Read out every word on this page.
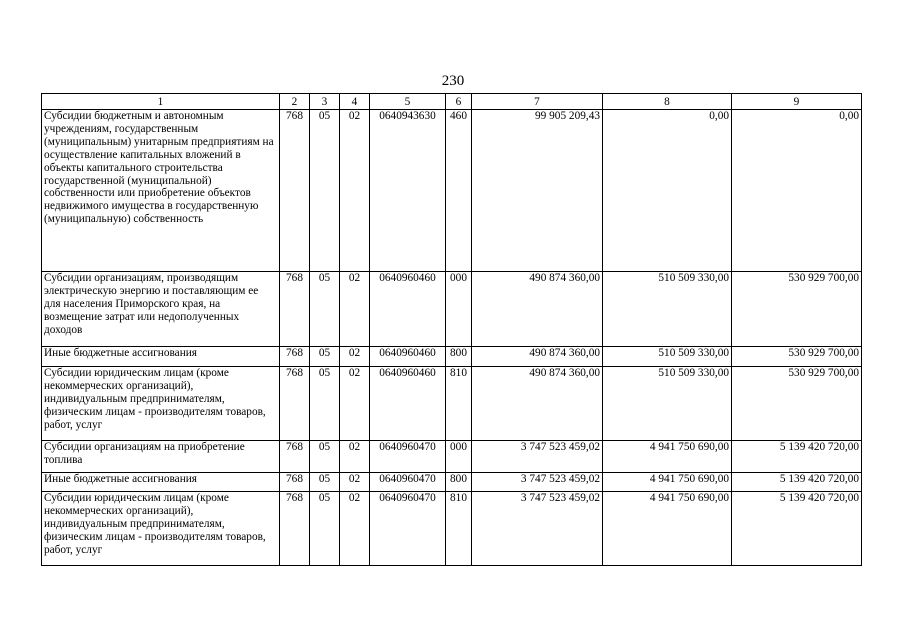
230
1	2	3	4	5	6	7	8	9
Субсидии бюджетным и автономным учреждениям, государственным (муниципальным) унитарным предприятиям на осуществление капитальных вложений в объекты капитального строительства государственной (муниципальной) собственности или приобретение объектов недвижимого имущества в государственную (муниципальную) собственность	768	05	02	0640943630	460	99 905 209,43	0,00	0,00
Субсидии организациям, производящим электрическую энергию и поставляющим ее для населения Приморского края, на возмещение затрат или недополученных доходов	768	05	02	0640960460	000	490 874 360,00	510 509 330,00	530 929 700,00
Иные бюджетные ассигнования	768	05	02	0640960460	800	490 874 360,00	510 509 330,00	530 929 700,00
Субсидии юридическим лицам (кроме некоммерческих организаций), индивидуальным предпринимателям, физическим лицам - производителям товаров, работ, услуг	768	05	02	0640960460	810	490 874 360,00	510 509 330,00	530 929 700,00
Субсидии организациям на приобретение топлива	768	05	02	0640960470	000	3 747 523 459,02	4 941 750 690,00	5 139 420 720,00
Иные бюджетные ассигнования	768	05	02	0640960470	800	3 747 523 459,02	4 941 750 690,00	5 139 420 720,00
Субсидии юридическим лицам (кроме некоммерческих организаций), индивидуальным предпринимателям, физическим лицам - производителям товаров, работ, услуг	768	05	02	0640960470	810	3 747 523 459,02	4 941 750 690,00	5 139 420 720,00
